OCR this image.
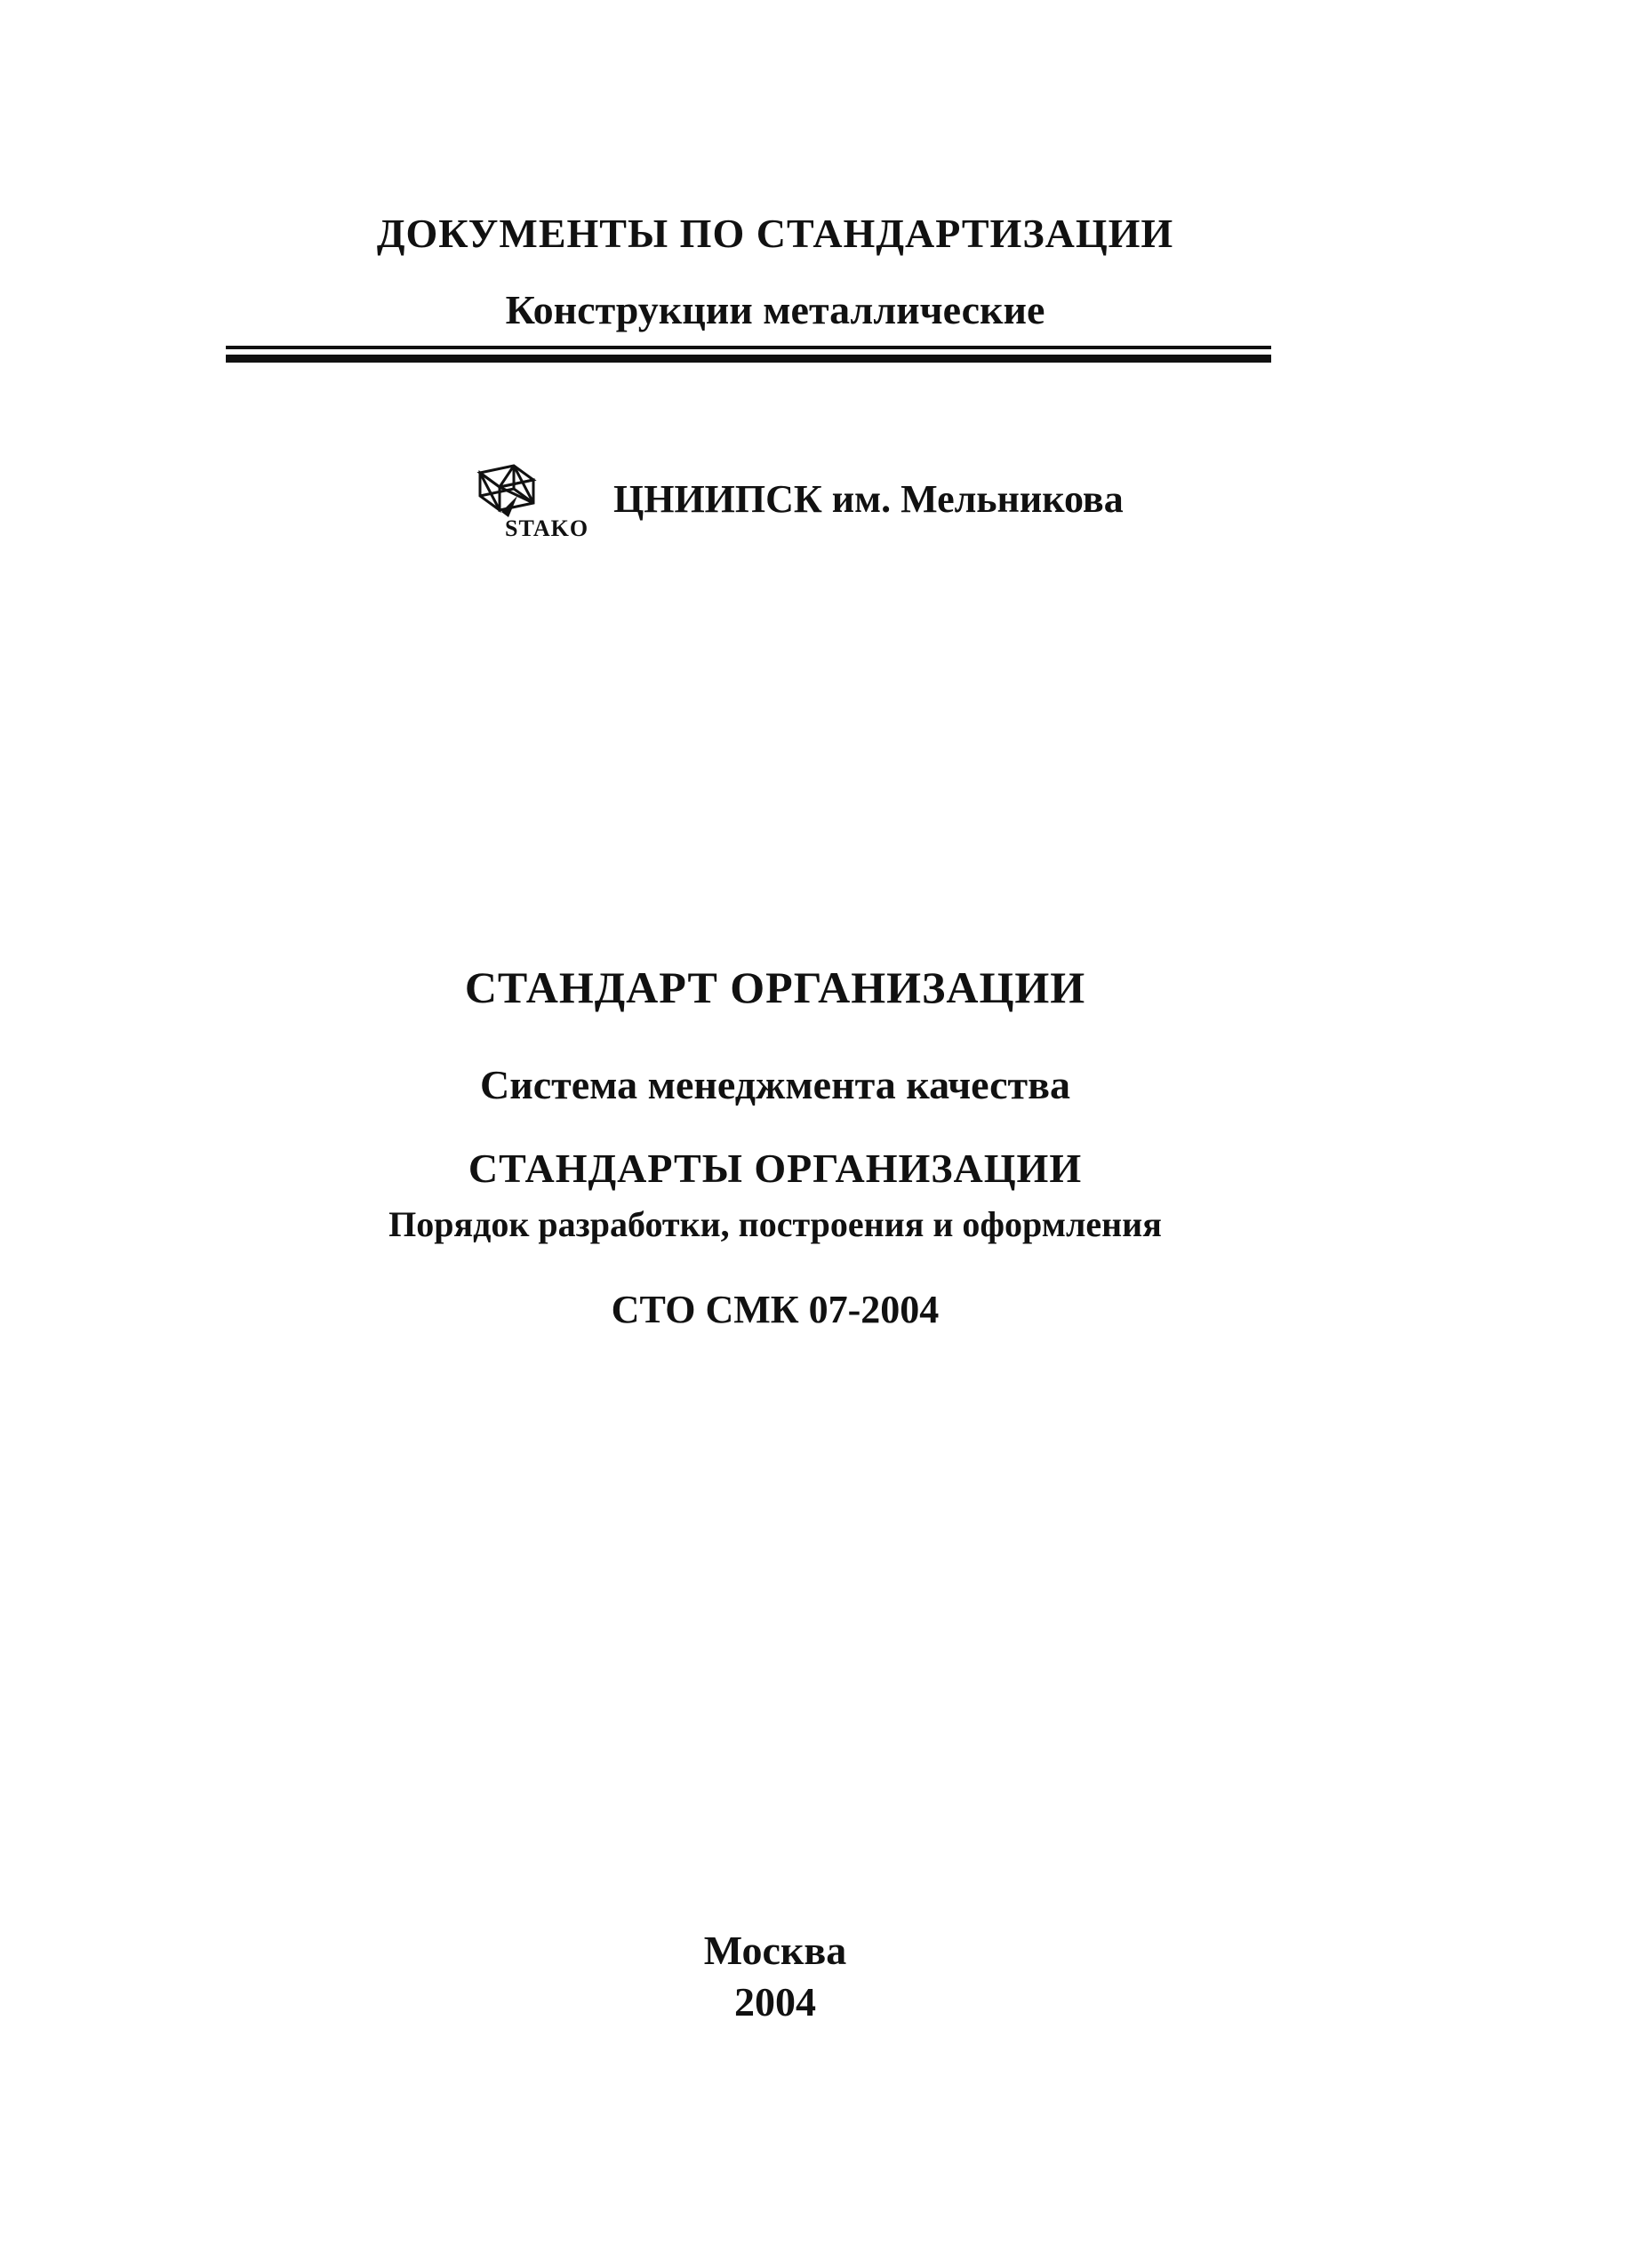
ДОКУМЕНТЫ ПО СТАНДАРТИЗАЦИИ
Конструкции металлические
STAKO
ЦНИИПСК им. Мельникова
СТАНДАРТ ОРГАНИЗАЦИИ
Система менеджмента качества
СТАНДАРТЫ ОРГАНИЗАЦИИ
Порядок разработки, построения и оформления
СТО СМК 07-2004
Москва
2004
